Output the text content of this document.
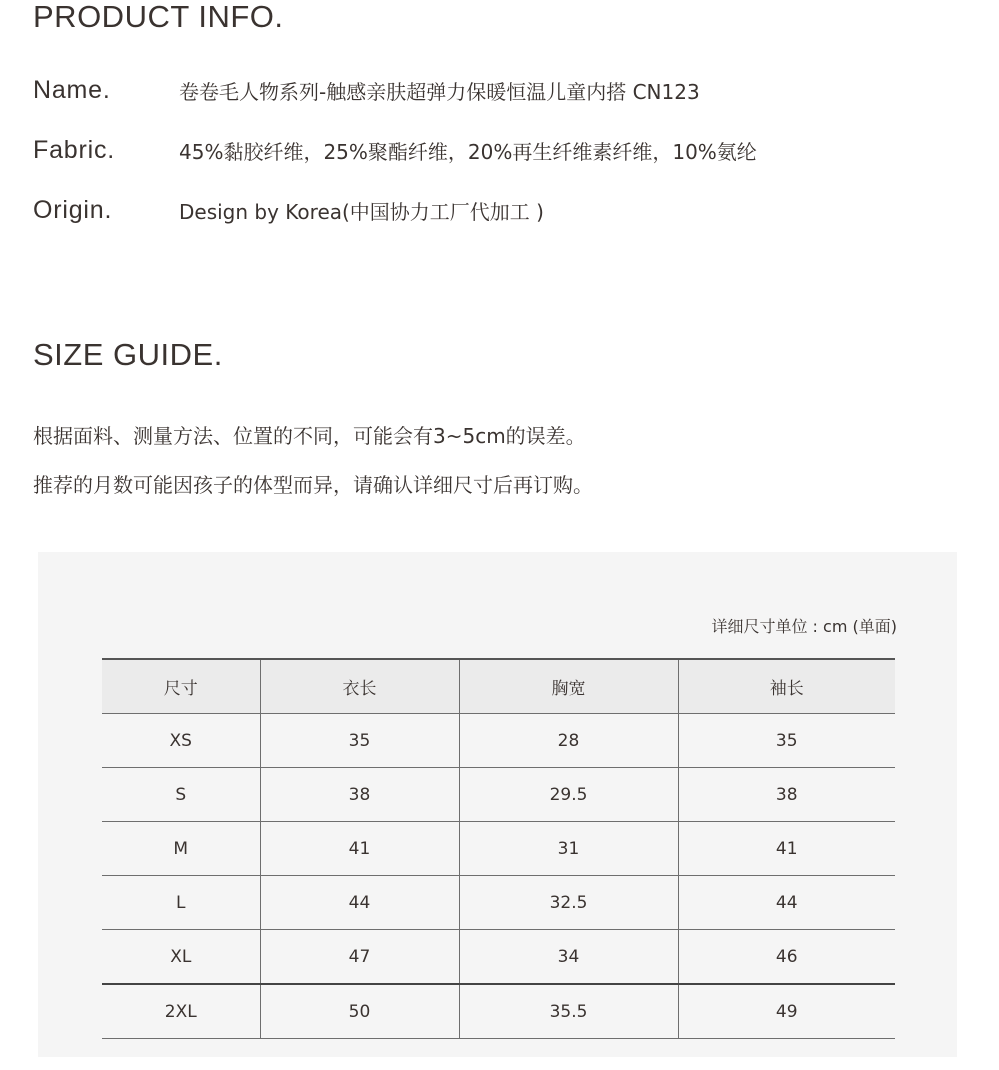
PRODUCT INFO.
Name.	卷卷毛人物系列-触感亲肤超弹力保暖恒温儿童内搭 CN123
Fabric.	45%黏胶纤维，25%聚酯纤维，20%再生纤维素纤维，10%氨纶
Origin.	Design by Korea(中国协力工厂代加工 )
SIZE GUIDE.

根据面料、测量方法、位置的不同，可能会有3~5cm的误差。

推荐的月数可能因孩子的体型而异，请确认详细尺寸后再订购。

详细尺寸单位 : cm (单面)
尺寸	衣长	胸宽	袖长
XS	35	28	35
S	38	29.5	38
M	41	31	41
L	44	32.5	44
XL	47	34	46
2XL	50	35.5	49
